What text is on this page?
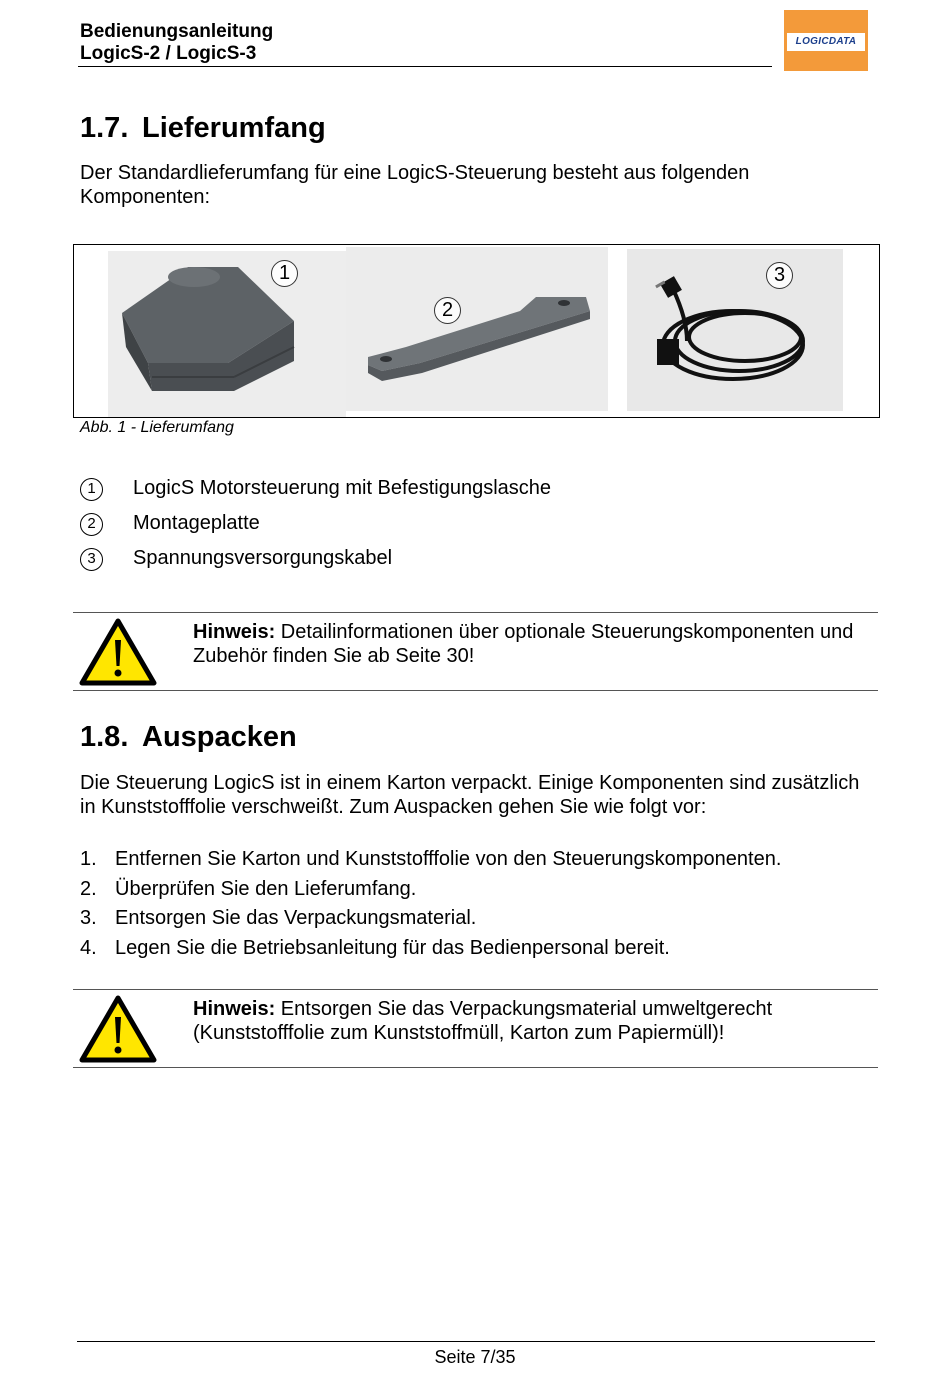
Bedienungsanleitung
LogicS-2 / LogicS-3
LOGICDATA
1.7. Lieferumfang

Der Standardlieferumfang für eine LogicS-Steuerung besteht aus folgenden Komponenten:

1
2
3
Abb. 1 - Lieferumfang
1	LogicS Motorsteuerung mit Befestigungslasche
2	Montageplatte
3	Spannungsversorgungskabel

Hinweis: Detailinformationen über optionale Steuerungskomponenten und Zubehör finden Sie ab Seite 30!

1.8. Auspacken

Die Steuerung LogicS ist in einem Karton verpackt. Einige Komponenten sind zusätzlich in Kunststofffolie verschweißt. Zum Auspacken gehen Sie wie folgt vor:

1. Entfernen Sie Karton und Kunststofffolie von den Steuerungskomponenten.
2. Überprüfen Sie den Lieferumfang.
3. Entsorgen Sie das Verpackungsmaterial.
4. Legen Sie die Betriebsanleitung für das Bedienpersonal bereit.

Hinweis: Entsorgen Sie das Verpackungsmaterial umweltgerecht (Kunststofffolie zum Kunststoffmüll, Karton zum Papiermüll)!

Seite 7/35
